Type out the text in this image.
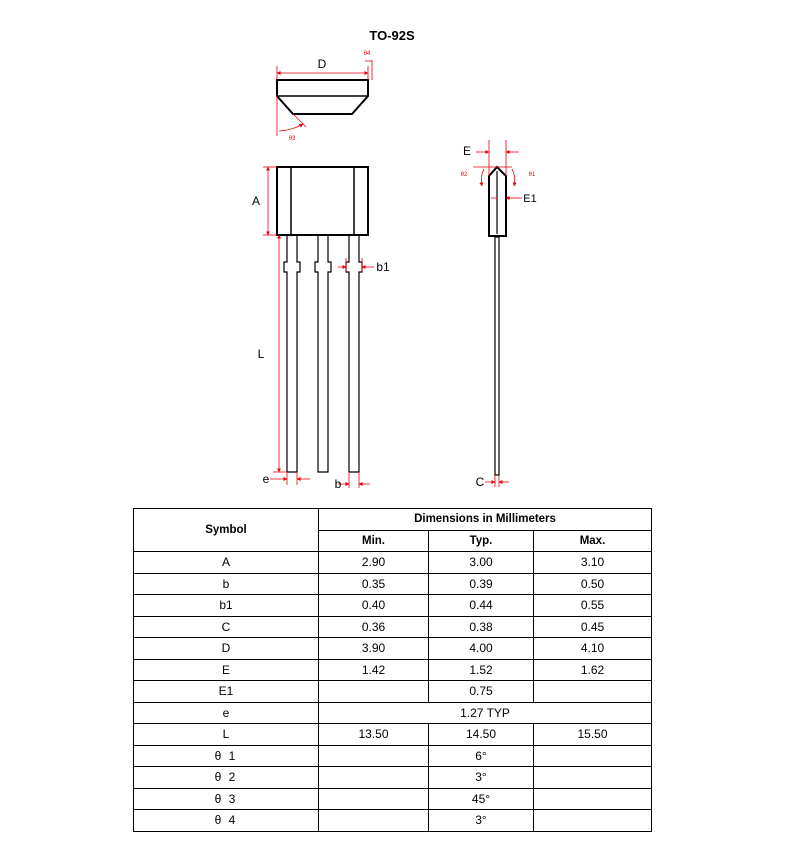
TO-92S
D
θ4
θ3
A
L
e	b
b1
E
E1
θ1
θ2
C
Symbol	Dimensions in Millimeters		
	Min.	Typ.	Max.
A	2.90	3.00	3.10
b	0.35	0.39	0.50
b1	0.40	0.44	0.55
C	0.36	0.38	0.45
D	3.90	4.00	4.10
E	1.42	1.52	1.62
E1		0.75	
e	1.27 TYP		
L	13.50	14.50	15.50
θ 1		6°	
θ 2		3°	
θ 3		45°	
θ 4		3°	
